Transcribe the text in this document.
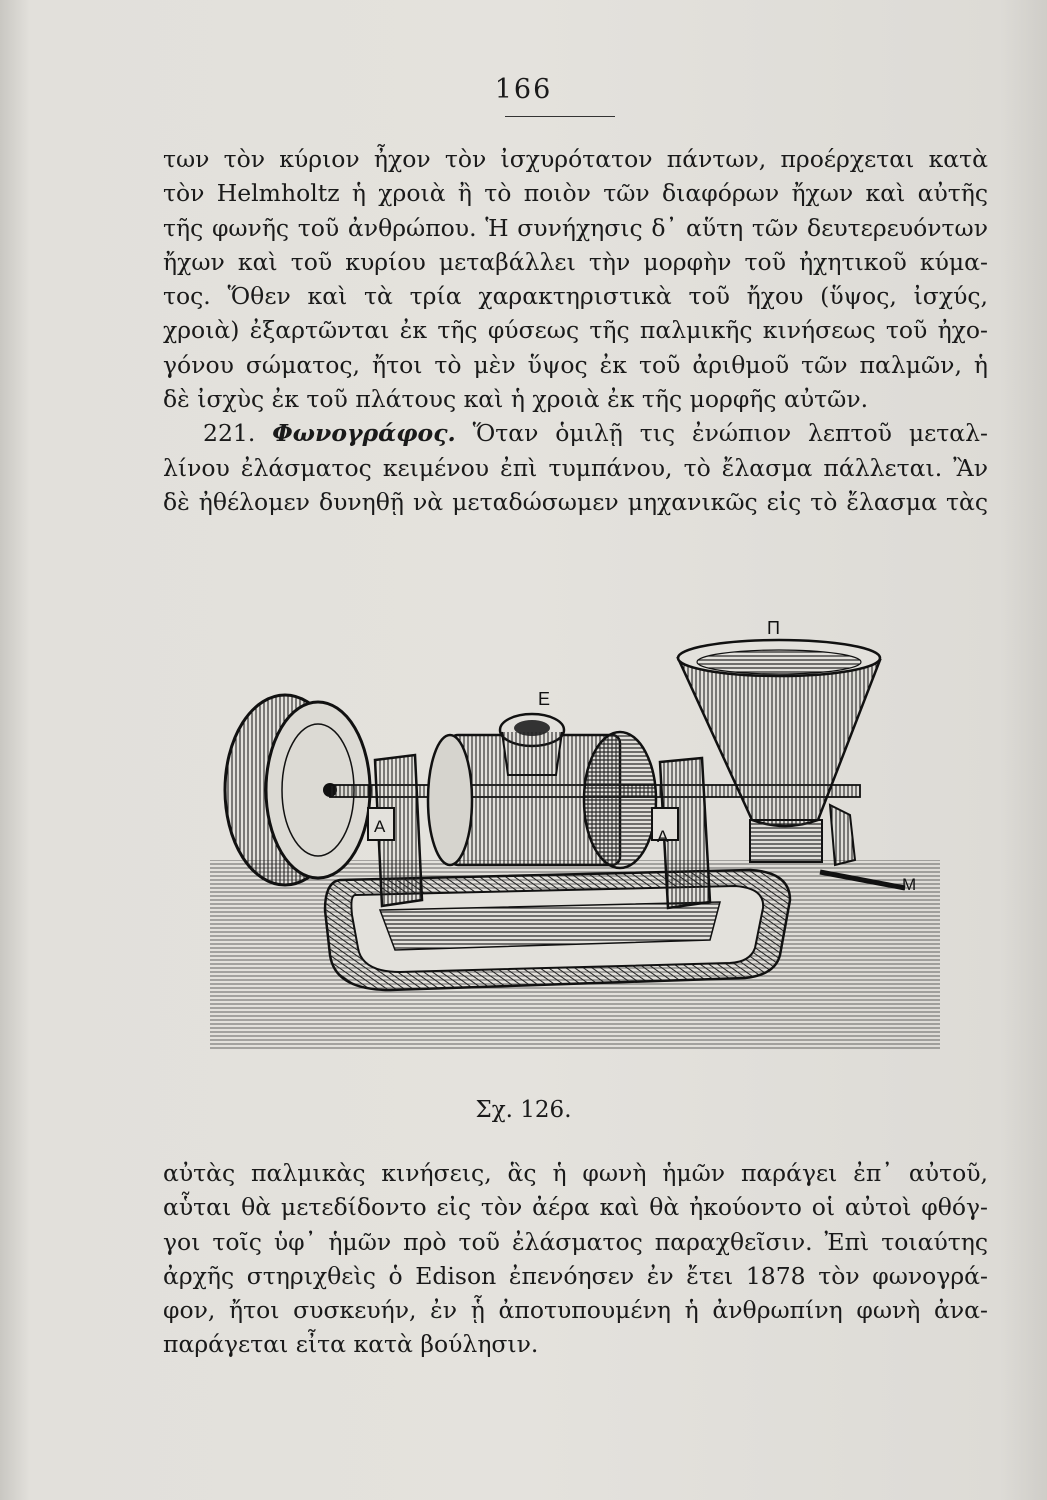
166
των τὸν κύριον ἦχον τὸν ἰσχυρότατον πάντων, προέρχεται κατὰ
τὸν Helmholtz ἡ χροιὰ ἢ τὸ ποιὸν τῶν διαφόρων ἤχων καὶ αὐτῆς
τῆς φωνῆς τοῦ ἀνθρώπου. Ἡ συνήχησις δ᾽ αὕτη τῶν δευτερευόντων
ἤχων καὶ τοῦ κυρίου μεταβάλλει τὴν μορφὴν τοῦ ἠχητικοῦ κύμα-
τος. Ὅθεν καὶ τὰ τρία χαρακτηριστικὰ τοῦ ἤχου (ὕψος, ἰσχύς,
χροιὰ) ἐξαρτῶνται ἐκ τῆς φύσεως τῆς παλμικῆς κινήσεως τοῦ ἠχο-
γόνου σώματος, ἤτοι τὸ μὲν ὕψος ἐκ τοῦ ἀριθμοῦ τῶν παλμῶν, ἡ
δὲ ἰσχὺς ἐκ τοῦ πλάτους καὶ ἡ χροιὰ ἐκ τῆς μορφῆς αὐτῶν.
221. Φωνογράφος. Ὅταν ὁμιλῇ τις ἐνώπιον λεπτοῦ μεταλ-
λίνου ἐλάσματος κειμένου ἐπὶ τυμπάνου, τὸ ἔλασμα πάλλεται. Ἂν
δὲ ἠθέλομεν δυνηθῇ νὰ μεταδώσωμεν μηχανικῶς εἰς τὸ ἔλασμα τὰς
Π
Ε
Α
Α
Μ
Σχ. 126.
αὐτὰς παλμικὰς κινήσεις, ἃς ἡ φωνὴ ἡμῶν παράγει ἐπ᾽ αὐτοῦ,
αὗται θὰ μετεδίδοντο εἰς τὸν ἀέρα καὶ θὰ ἠκούοντο οἱ αὐτοὶ φθόγ-
γοι τοῖς ὑφ᾽ ἡμῶν πρὸ τοῦ ἐλάσματος παραχθεῖσιν. Ἐπὶ τοιαύτης
ἀρχῆς στηριχθεὶς ὁ Edison ἐπενόησεν ἐν ἔτει 1878 τὸν φωνογρά-
φον, ἤτοι συσκευήν, ἐν ᾗ ἀποτυπουμένη ἡ ἀνθρωπίνη φωνὴ ἀνα-
παράγεται εἶτα κατὰ βούλησιν.
